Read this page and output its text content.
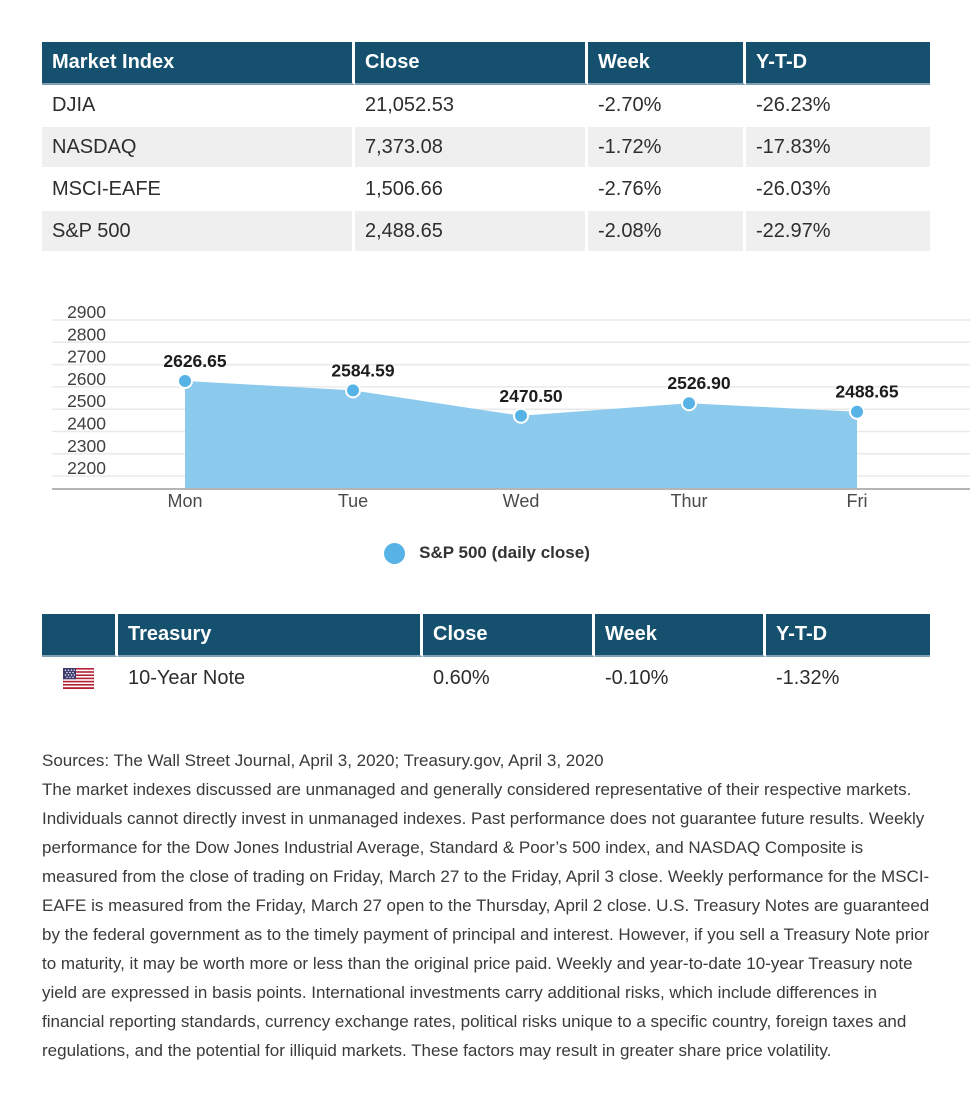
Market Index	Close	Week	Y-T-D
DJIA	21,052.53	-2.70%	-26.23%
NASDAQ	7,373.08	-1.72%	-17.83%
MSCI-EAFE	1,506.66	-2.76%	-26.03%
S&P 500	2,488.65	-2.08%	-22.97%
2900
2800
2700
2600
2500
2400
2300
2200
2626.65
Mon
2584.59
Tue
2470.50
Wed
2526.90
Thur
2488.65
Fri
S&P 500 (daily close)
	Treasury	Close	Week	Y-T-D
	10-Year Note	0.60%	-0.10%	-1.32%

Sources: The Wall Street Journal, April 3, 2020; Treasury.gov, April 3, 2020

The market indexes discussed are unmanaged and generally considered representative of their respective markets. Individuals cannot directly invest in unmanaged indexes. Past performance does not guarantee future results. Weekly performance for the Dow Jones Industrial Average, Standard & Poor’s 500 index, and NASDAQ Composite is measured from the close of trading on Friday, March 27 to the Friday, April 3 close. Weekly performance for the MSCI-EAFE is measured from the Friday, March 27 open to the Thursday, April 2 close. U.S. Treasury Notes are guaranteed by the federal government as to the timely payment of principal and interest. However, if you sell a Treasury Note prior to maturity, it may be worth more or less than the original price paid. Weekly and year-to-date 10-year Treasury note yield are expressed in basis points. International investments carry additional risks, which include differences in financial reporting standards, currency exchange rates, political risks unique to a specific country, foreign taxes and regulations, and the potential for illiquid markets. These factors may result in greater share price volatility.
